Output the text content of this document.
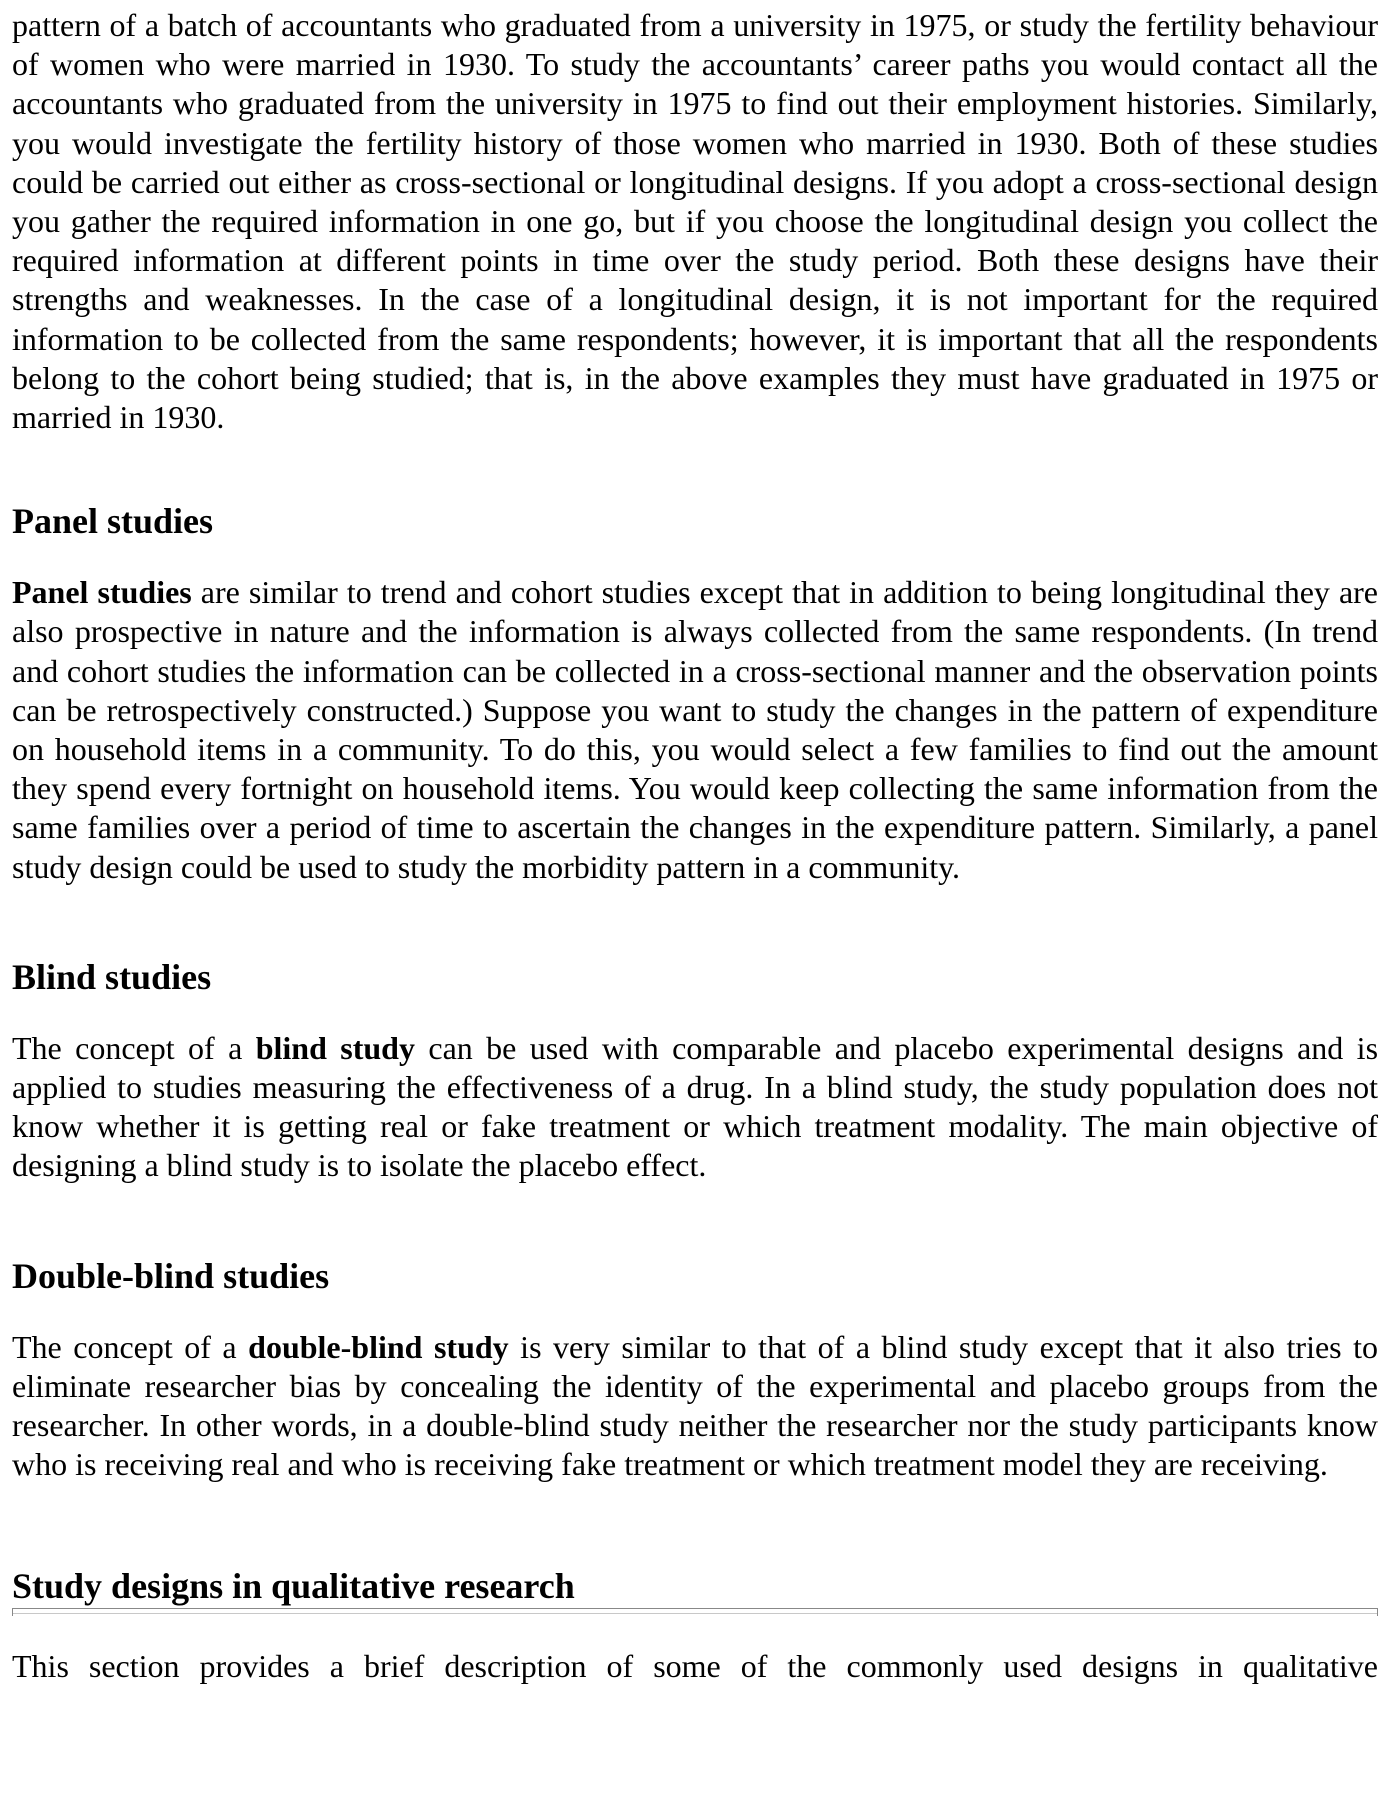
pattern of a batch of accountants who graduated from a university in 1975, or study the fertility behaviour of women who were married in 1930. To study the accountants’ career paths you would contact all the accountants who graduated from the university in 1975 to find out their employment histories. Similarly, you would investigate the fertility history of those women who married in 1930. Both of these studies could be carried out either as cross-sectional or longitudinal designs. If you adopt a cross-sectional design you gather the required information in one go, but if you choose the longitudinal design you collect the required information at different points in time over the study period. Both these designs have their strengths and weaknesses. In the case of a longitudinal design, it is not important for the required information to be collected from the same respondents; however, it is important that all the respondents belong to the cohort being studied; that is, in the above examples they must have graduated in 1975 or married in 1930.

Panel studies

Panel studies are similar to trend and cohort studies except that in addition to being longitudinal they are also prospective in nature and the information is always collected from the same respondents. (In trend and cohort studies the information can be collected in a cross-sectional manner and the observation points can be retrospectively constructed.) Suppose you want to study the changes in the pattern of expenditure on household items in a community. To do this, you would select a few families to find out the amount they spend every fortnight on household items. You would keep collecting the same information from the same families over a period of time to ascertain the changes in the expenditure pattern. Similarly, a panel study design could be used to study the morbidity pattern in a community.

Blind studies

The concept of a blind study can be used with comparable and placebo experimental designs and is applied to studies measuring the effectiveness of a drug. In a blind study, the study population does not know whether it is getting real or fake treatment or which treatment modality. The main objective of designing a blind study is to isolate the placebo effect.

Double-blind studies

The concept of a double-blind study is very similar to that of a blind study except that it also tries to eliminate researcher bias by concealing the identity of the experimental and placebo groups from the researcher. In other words, in a double-blind study neither the researcher nor the study participants know who is receiving real and who is receiving fake treatment or which treatment model they are receiving.

Study designs in qualitative research

This section provides a brief description of some of the commonly used designs in qualitative
